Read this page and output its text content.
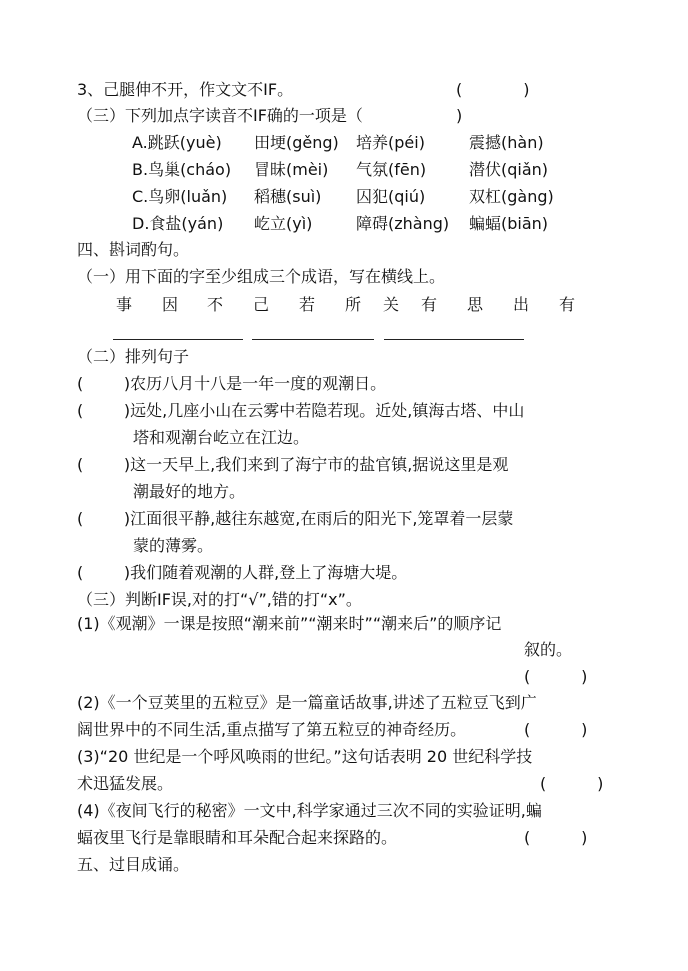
3、己腿伸不开，作文文不IF。	(            )
（三）下列加点字读音不IF确的一项是（	)
A.跳跃(yuè) 田埂(gěng) 培养(péi)	震撼(hàn)
B.鸟巢(cháo) 冒昧(mèi) 气氛(fēn)	潜伏(qiǎn)
C.鸟卵(luǎn) 稻穗(suì) 囚犯(qiú)	双杠(gàng)
D.食盐(yán) 屹立(yì)	障碍(zhàng) 蝙蝠(biān)
四、斟词酌句。
（一）用下面的字至少组成三个成语，写在横线上。
事 因 不 己 若 所 关 有 思 出 有
（二）排列句子
(        )农历八月十八是一年一度的观潮日。
(        )远处,几座小山在云雾中若隐若现。近处,镇海古塔、中山
塔和观潮台屹立在江边。
(        )这一天早上,我们来到了海宁市的盐官镇,据说这里是观
潮最好的地方。
(        )江面很平静,越往东越宽,在雨后的阳光下,笼罩着一层蒙
蒙的薄雾。
(        )我们随着观潮的人群,登上了海塘大堤。
（三）判断IF误,对的打“√”,错的打“x”。
(1)《观潮》一课是按照“潮来前”“潮来时”“潮来后”的顺序记
叙的。
(          )
(2)《一个豆荚里的五粒豆》是一篇童话故事,讲述了五粒豆飞到广
阔世界中的不同生活,重点描写了第五粒豆的神奇经历。	(          )
(3)“20 世纪是一个呼风唤雨的世纪。”这句话表明 20 世纪科学技
术迅猛发展。	(          )
(4)《夜间飞行的秘密》一文中,科学家通过三次不同的实验证明,蝙
蝠夜里飞行是靠眼睛和耳朵配合起来探路的。	(          )
五、过目成诵。
